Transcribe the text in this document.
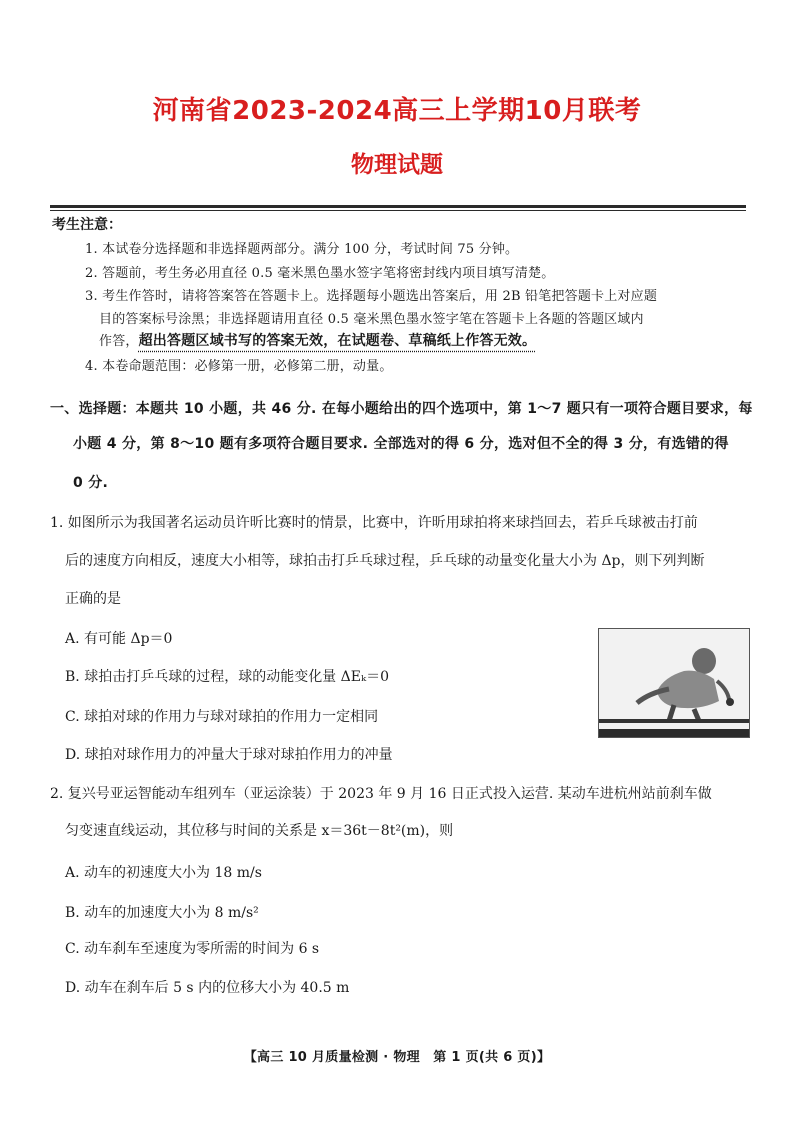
河南省2023-2024高三上学期10月联考
物理试题
考生注意：
1. 本试卷分选择题和非选择题两部分。满分 100 分，考试时间 75 分钟。
2. 答题前，考生务必用直径 0.5 毫米黑色墨水签字笔将密封线内项目填写清楚。
3. 考生作答时，请将答案答在答题卡上。选择题每小题选出答案后，用 2B 铅笔把答题卡上对应题
目的答案标号涂黑；非选择题请用直径 0.5 毫米黑色墨水签字笔在答题卡上各题的答题区域内
作答，超出答题区域书写的答案无效，在试题卷、草稿纸上作答无效。
4. 本卷命题范围：必修第一册，必修第二册，动量。
一、选择题：本题共 10 小题，共 46 分. 在每小题给出的四个选项中，第 1～7 题只有一项符合题目要求，每
小题 4 分，第 8～10 题有多项符合题目要求. 全部选对的得 6 分，选对但不全的得 3 分，有选错的得
0 分.
1. 如图所示为我国著名运动员许昕比赛时的情景，比赛中，许昕用球拍将来球挡回去，若乒乓球被击打前
后的速度方向相反，速度大小相等，球拍击打乒乓球过程，乒乓球的动量变化量大小为 Δp，则下列判断
正确的是
A. 有可能 Δp＝0
B. 球拍击打乒乓球的过程，球的动能变化量 ΔEₖ＝0
C. 球拍对球的作用力与球对球拍的作用力一定相同
D. 球拍对球作用力的冲量大于球对球拍作用力的冲量
2. 复兴号亚运智能动车组列车（亚运涂装）于 2023 年 9 月 16 日正式投入运营. 某动车进杭州站前刹车做
匀变速直线运动，其位移与时间的关系是 x＝36t－8t²(m)，则
A. 动车的初速度大小为 18 m/s
B. 动车的加速度大小为 8 m/s²
C. 动车刹车至速度为零所需的时间为 6 s
D. 动车在刹车后 5 s 内的位移大小为 40.5 m
【高三 10 月质量检测 · 物理　第 1 页(共 6 页)】
